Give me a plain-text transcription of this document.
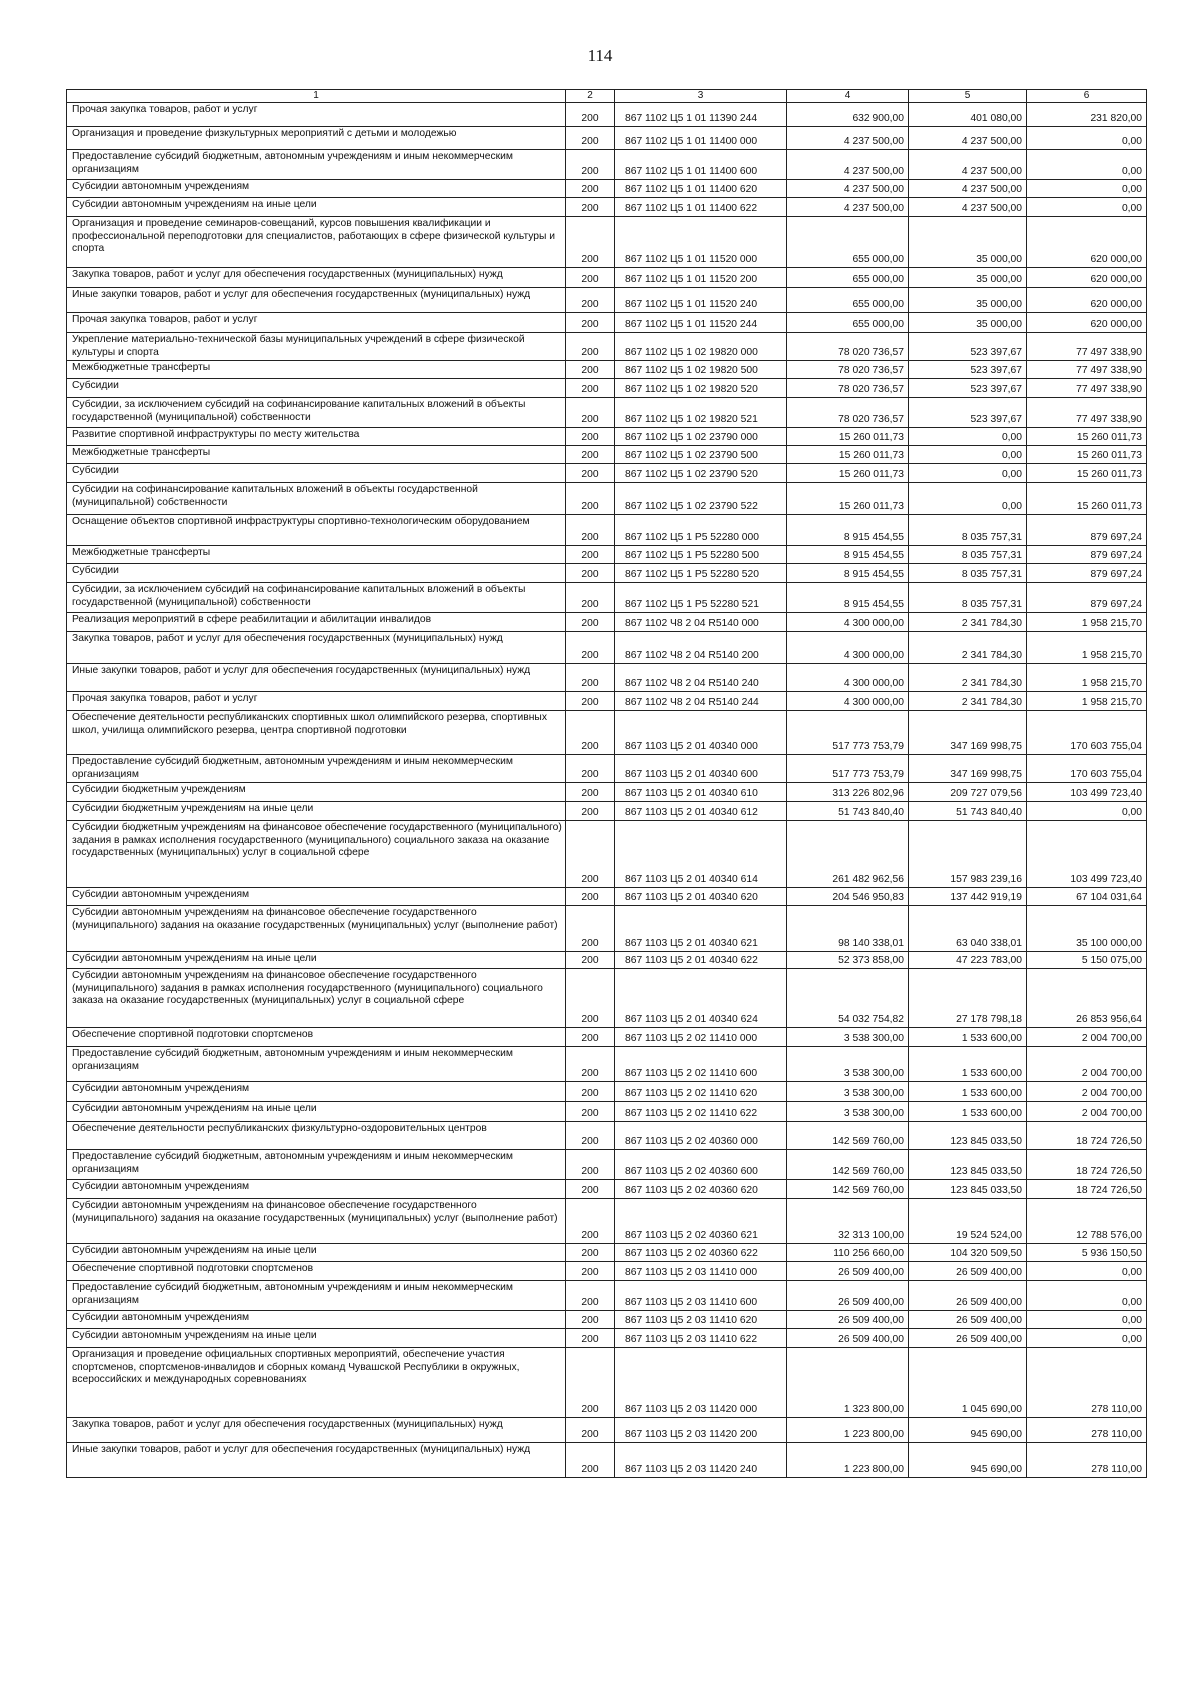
114
1	2	3	4	5	6
Прочая закупка товаров, работ и услуг	200	867 1102 Ц5 1 01 11390 244	632 900,00	401 080,00	231 820,00
Организация и проведение физкультурных мероприятий с детьми и молодежью	200	867 1102 Ц5 1 01 11400 000	4 237 500,00	4 237 500,00	0,00
Предоставление субсидий бюджетным, автономным учреждениям и иным некоммерческим организациям	200	867 1102 Ц5 1 01 11400 600	4 237 500,00	4 237 500,00	0,00
Субсидии автономным учреждениям	200	867 1102 Ц5 1 01 11400 620	4 237 500,00	4 237 500,00	0,00
Субсидии автономным учреждениям на иные цели	200	867 1102 Ц5 1 01 11400 622	4 237 500,00	4 237 500,00	0,00
Организация и проведение семинаров-совещаний, курсов повышения квалификации и профессиональной переподготовки для специалистов, работающих в сфере физической культуры и спорта	200	867 1102 Ц5 1 01 11520 000	655 000,00	35 000,00	620 000,00
Закупка товаров, работ и услуг для обеспечения государственных (муниципальных) нужд	200	867 1102 Ц5 1 01 11520 200	655 000,00	35 000,00	620 000,00
Иные закупки товаров, работ и услуг для обеспечения государственных (муниципальных) нужд	200	867 1102 Ц5 1 01 11520 240	655 000,00	35 000,00	620 000,00
Прочая закупка товаров, работ и услуг	200	867 1102 Ц5 1 01 11520 244	655 000,00	35 000,00	620 000,00
Укрепление материально-технической базы муниципальных учреждений в сфере физической культуры и спорта	200	867 1102 Ц5 1 02 19820 000	78 020 736,57	523 397,67	77 497 338,90
Межбюджетные трансферты	200	867 1102 Ц5 1 02 19820 500	78 020 736,57	523 397,67	77 497 338,90
Субсидии	200	867 1102 Ц5 1 02 19820 520	78 020 736,57	523 397,67	77 497 338,90
Субсидии, за исключением субсидий на софинансирование капитальных вложений в объекты государственной (муниципальной) собственности	200	867 1102 Ц5 1 02 19820 521	78 020 736,57	523 397,67	77 497 338,90
Развитие спортивной инфраструктуры по месту жительства	200	867 1102 Ц5 1 02 23790 000	15 260 011,73	0,00	15 260 011,73
Межбюджетные трансферты	200	867 1102 Ц5 1 02 23790 500	15 260 011,73	0,00	15 260 011,73
Субсидии	200	867 1102 Ц5 1 02 23790 520	15 260 011,73	0,00	15 260 011,73
Субсидии на софинансирование капитальных вложений в объекты государственной (муниципальной) собственности	200	867 1102 Ц5 1 02 23790 522	15 260 011,73	0,00	15 260 011,73
Оснащение объектов спортивной инфраструктуры спортивно-технологическим оборудованием	200	867 1102 Ц5 1 P5 52280 000	8 915 454,55	8 035 757,31	879 697,24
Межбюджетные трансферты	200	867 1102 Ц5 1 P5 52280 500	8 915 454,55	8 035 757,31	879 697,24
Субсидии	200	867 1102 Ц5 1 P5 52280 520	8 915 454,55	8 035 757,31	879 697,24
Субсидии, за исключением субсидий на софинансирование капитальных вложений в объекты государственной (муниципальной) собственности	200	867 1102 Ц5 1 P5 52280 521	8 915 454,55	8 035 757,31	879 697,24
Реализация мероприятий в сфере реабилитации и абилитации инвалидов	200	867 1102 Ч8 2 04 R5140 000	4 300 000,00	2 341 784,30	1 958 215,70
Закупка товаров, работ и услуг для обеспечения государственных (муниципальных) нужд	200	867 1102 Ч8 2 04 R5140 200	4 300 000,00	2 341 784,30	1 958 215,70
Иные закупки товаров, работ и услуг для обеспечения государственных (муниципальных) нужд	200	867 1102 Ч8 2 04 R5140 240	4 300 000,00	2 341 784,30	1 958 215,70
Прочая закупка товаров, работ и услуг	200	867 1102 Ч8 2 04 R5140 244	4 300 000,00	2 341 784,30	1 958 215,70
Обеспечение деятельности республиканских спортивных школ олимпийского резерва, спортивных школ, училища олимпийского резерва, центра спортивной подготовки	200	867 1103 Ц5 2 01 40340 000	517 773 753,79	347 169 998,75	170 603 755,04
Предоставление субсидий бюджетным, автономным учреждениям и иным некоммерческим организациям	200	867 1103 Ц5 2 01 40340 600	517 773 753,79	347 169 998,75	170 603 755,04
Субсидии бюджетным учреждениям	200	867 1103 Ц5 2 01 40340 610	313 226 802,96	209 727 079,56	103 499 723,40
Субсидии бюджетным учреждениям на иные цели	200	867 1103 Ц5 2 01 40340 612	51 743 840,40	51 743 840,40	0,00
Субсидии бюджетным учреждениям на финансовое обеспечение государственного (муниципального) задания в рамках исполнения государственного (муниципального) социального заказа на оказание государственных (муниципальных) услуг в социальной сфере	200	867 1103 Ц5 2 01 40340 614	261 482 962,56	157 983 239,16	103 499 723,40
Субсидии автономным учреждениям	200	867 1103 Ц5 2 01 40340 620	204 546 950,83	137 442 919,19	67 104 031,64
Субсидии автономным учреждениям на финансовое обеспечение государственного (муниципального) задания на оказание государственных (муниципальных) услуг (выполнение работ)	200	867 1103 Ц5 2 01 40340 621	98 140 338,01	63 040 338,01	35 100 000,00
Субсидии автономным учреждениям на иные цели	200	867 1103 Ц5 2 01 40340 622	52 373 858,00	47 223 783,00	5 150 075,00
Субсидии автономным учреждениям на финансовое обеспечение государственного (муниципального) задания в рамках исполнения государственного (муниципального) социального заказа на оказание государственных (муниципальных) услуг в социальной сфере	200	867 1103 Ц5 2 01 40340 624	54 032 754,82	27 178 798,18	26 853 956,64
Обеспечение спортивной подготовки спортсменов	200	867 1103 Ц5 2 02 11410 000	3 538 300,00	1 533 600,00	2 004 700,00
Предоставление субсидий бюджетным, автономным учреждениям и иным некоммерческим организациям	200	867 1103 Ц5 2 02 11410 600	3 538 300,00	1 533 600,00	2 004 700,00
Субсидии автономным учреждениям	200	867 1103 Ц5 2 02 11410 620	3 538 300,00	1 533 600,00	2 004 700,00
Субсидии автономным учреждениям на иные цели	200	867 1103 Ц5 2 02 11410 622	3 538 300,00	1 533 600,00	2 004 700,00
Обеспечение деятельности республиканских физкультурно-оздоровительных центров	200	867 1103 Ц5 2 02 40360 000	142 569 760,00	123 845 033,50	18 724 726,50
Предоставление субсидий бюджетным, автономным учреждениям и иным некоммерческим организациям	200	867 1103 Ц5 2 02 40360 600	142 569 760,00	123 845 033,50	18 724 726,50
Субсидии автономным учреждениям	200	867 1103 Ц5 2 02 40360 620	142 569 760,00	123 845 033,50	18 724 726,50
Субсидии автономным учреждениям на финансовое обеспечение государственного (муниципального) задания на оказание государственных (муниципальных) услуг (выполнение работ)	200	867 1103 Ц5 2 02 40360 621	32 313 100,00	19 524 524,00	12 788 576,00
Субсидии автономным учреждениям на иные цели	200	867 1103 Ц5 2 02 40360 622	110 256 660,00	104 320 509,50	5 936 150,50
Обеспечение спортивной подготовки спортсменов	200	867 1103 Ц5 2 03 11410 000	26 509 400,00	26 509 400,00	0,00
Предоставление субсидий бюджетным, автономным учреждениям и иным некоммерческим организациям	200	867 1103 Ц5 2 03 11410 600	26 509 400,00	26 509 400,00	0,00
Субсидии автономным учреждениям	200	867 1103 Ц5 2 03 11410 620	26 509 400,00	26 509 400,00	0,00
Субсидии автономным учреждениям на иные цели	200	867 1103 Ц5 2 03 11410 622	26 509 400,00	26 509 400,00	0,00
Организация и проведение официальных спортивных мероприятий, обеспечение участия спортсменов, спортсменов-инвалидов и сборных команд Чувашской Республики в окружных, всероссийских и международных соревнованиях	200	867 1103 Ц5 2 03 11420 000	1 323 800,00	1 045 690,00	278 110,00
Закупка товаров, работ и услуг для обеспечения государственных (муниципальных) нужд	200	867 1103 Ц5 2 03 11420 200	1 223 800,00	945 690,00	278 110,00
Иные закупки товаров, работ и услуг для обеспечения государственных (муниципальных) нужд	200	867 1103 Ц5 2 03 11420 240	1 223 800,00	945 690,00	278 110,00
